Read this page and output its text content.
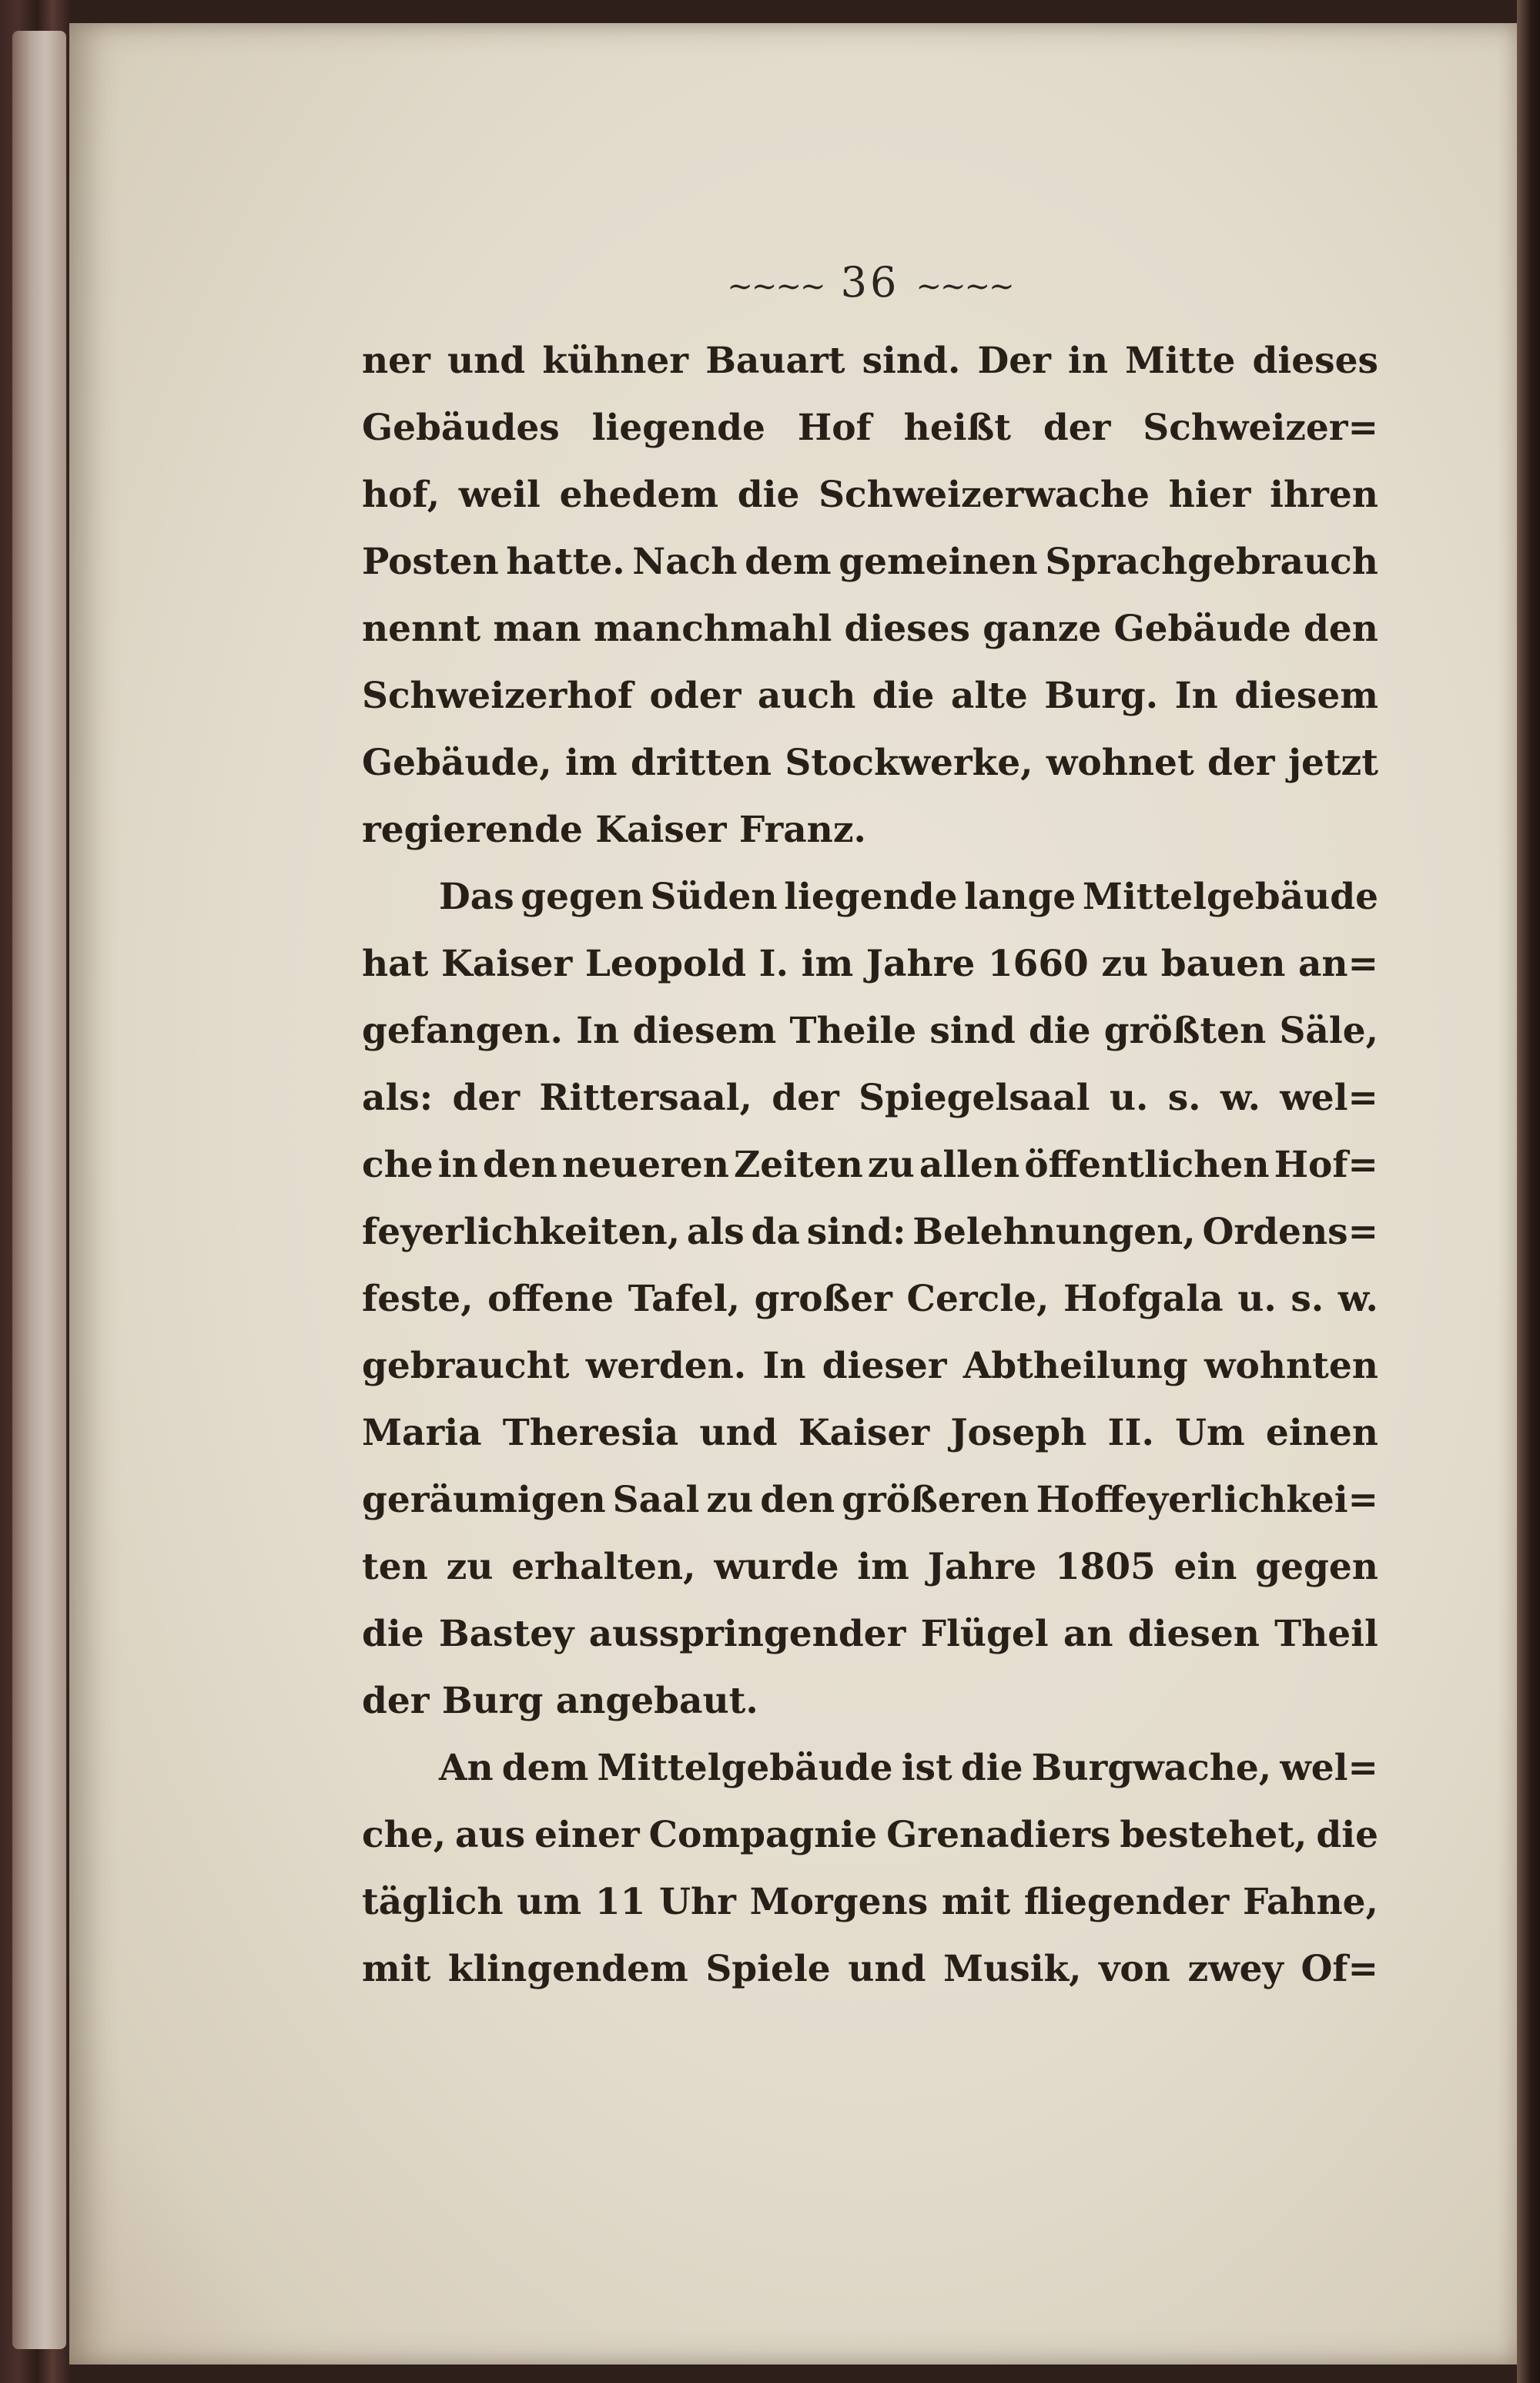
~~~~ 36 ~~~~
ner und kühner Bauart sind. Der in Mitte dieses
Gebäudes liegende Hof heißt der Schweizer=
hof, weil ehedem die Schweizerwache hier ihren
Posten hatte. Nach dem gemeinen Sprachgebrauch
nennt man manchmahl dieses ganze Gebäude den
Schweizerhof oder auch die alte Burg. In diesem
Gebäude, im dritten Stockwerke, wohnet der jetzt
regierende Kaiser Franz.
Das gegen Süden liegende lange Mittelgebäude
hat Kaiser Leopold I. im Jahre 1660 zu bauen an=
gefangen. In diesem Theile sind die größten Säle,
als: der Rittersaal, der Spiegelsaal u. s. w. wel=
che in den neueren Zeiten zu allen öffentlichen Hof=
feyerlichkeiten, als da sind: Belehnungen, Ordens=
feste, offene Tafel, großer Cercle, Hofgala u. s. w.
gebraucht werden. In dieser Abtheilung wohnten
Maria Theresia und Kaiser Joseph II. Um einen
geräumigen Saal zu den größeren Hoffeyerlichkei=
ten zu erhalten, wurde im Jahre 1805 ein gegen
die Bastey ausspringender Flügel an diesen Theil
der Burg angebaut.
An dem Mittelgebäude ist die Burgwache, wel=
che, aus einer Compagnie Grenadiers bestehet, die
täglich um 11 Uhr Morgens mit fliegender Fahne,
mit klingendem Spiele und Musik, von zwey Of=
